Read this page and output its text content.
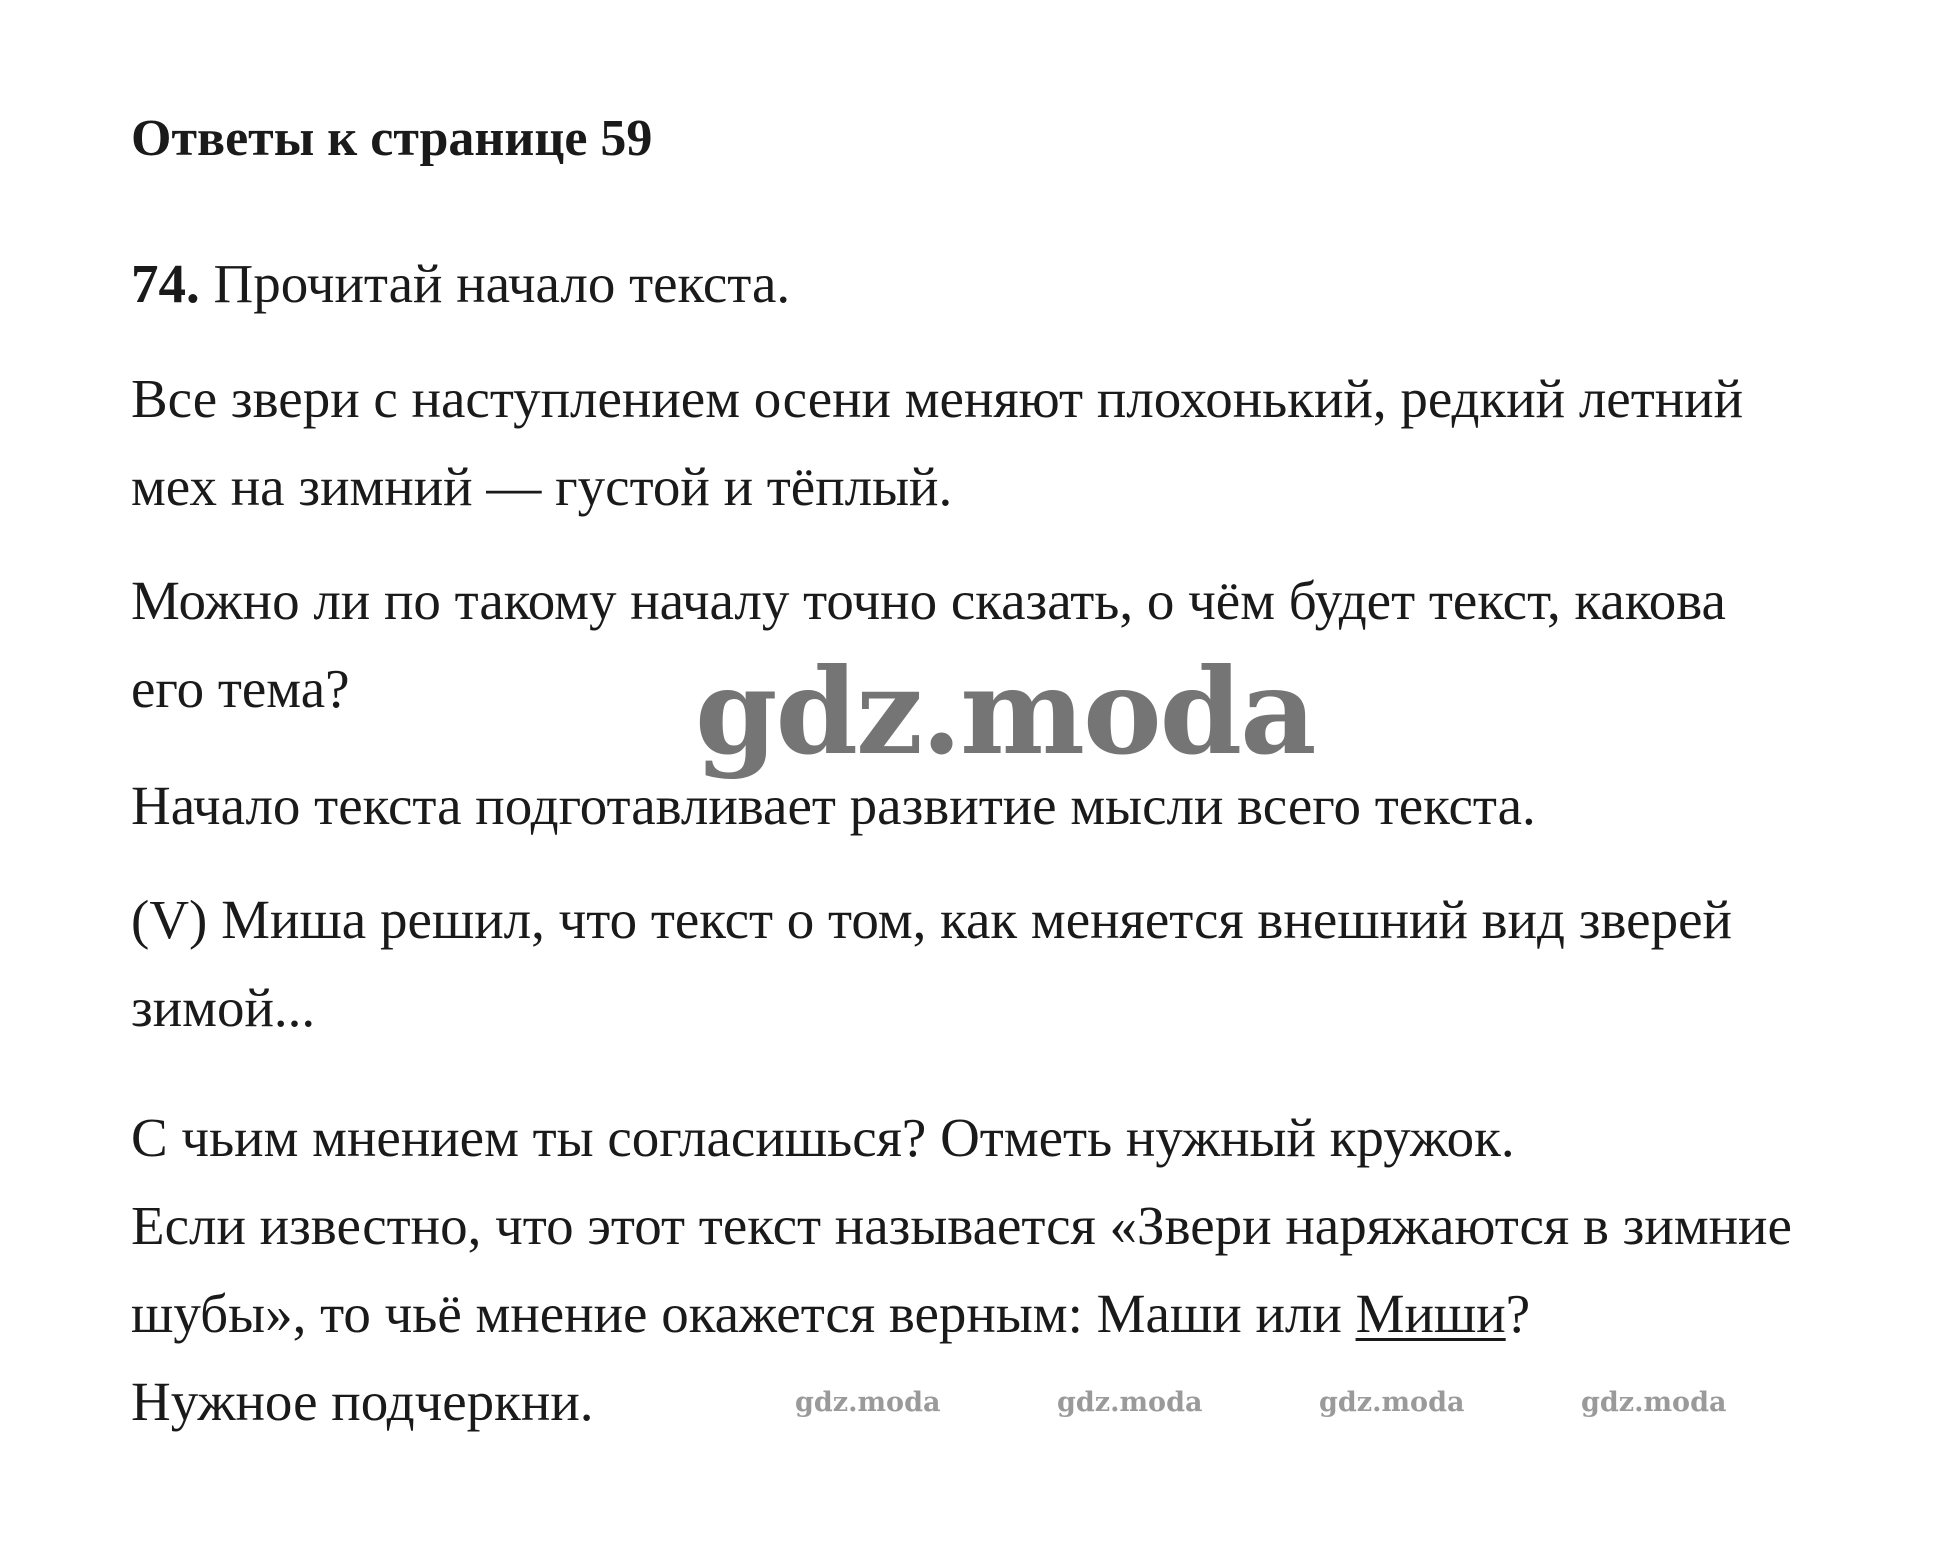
Ответы к странице 59
74. Прочитай начало текста.
Все звери с наступлением осени меняют плохонький, редкий летний
мех на зимний — густой и тёплый.
Можно ли по такому началу точно сказать, о чём будет текст, какова
его тема?	gdz.moda
Начало текста подготавливает развитие мысли всего текста.
(V) Миша решил, что текст о том, как меняется внешний вид зверей
зимой...
С чьим мнением ты согласишься? Отметь нужный кружок.
Если известно, что этот текст называется «Звери наряжаются в зимние
шубы», то чьё мнение окажется верным: Маши или Миши?
Нужное подчеркни.	gdz.moda	gdz.moda	gdz.moda	gdz.moda
